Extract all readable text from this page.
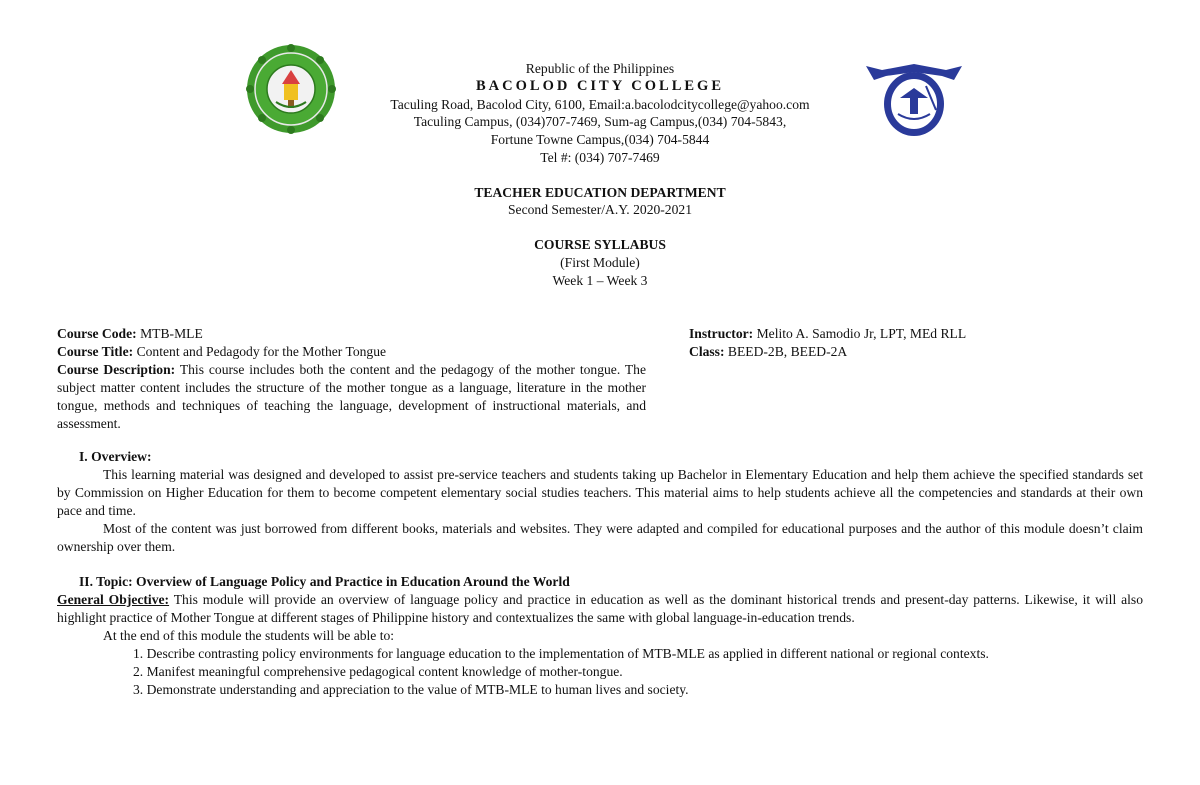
Republic of the Philippines
BACOLOD CITY COLLEGE
Taculing Road, Bacolod City, 6100, Email:a.bacolodcitycollege@yahoo.com
Taculing Campus, (034)707-7469, Sum-ag Campus,(034) 704-5843,
Fortune Towne Campus,(034) 704-5844
Tel #: (034) 707-7469
TEACHER EDUCATION DEPARTMENT
Second Semester/A.Y. 2020-2021
COURSE SYLLABUS
(First Module)
Week 1 – Week 3

Course Code: MTB-MLE

Course Title: Content and Pedagody for the Mother Tongue

Course Description: This course includes both the content and the pedagogy of the mother tongue. The subject matter content includes the structure of the mother tongue as a language, literature in the mother tongue, methods and techniques of teaching the language, development of instructional materials, and assessment.

Instructor: Melito A. Samodio Jr, LPT, MEd RLL

Class: BEED-2B, BEED-2A

I. Overview:

This learning material was designed and developed to assist pre-service teachers and students taking up Bachelor in Elementary Education and help them achieve the specified standards set by Commission on Higher Education for them to become competent elementary social studies teachers. This material aims to help students achieve all the competencies and standards at their own pace and time.

Most of the content was just borrowed from different books, materials and websites. They were adapted and compiled for educational purposes and the author of this module doesn’t claim ownership over them.

II. Topic: Overview of Language Policy and Practice in Education Around the World

General Objective: This module will provide an overview of language policy and practice in education as well as the dominant historical trends and present-day patterns. Likewise, it will also highlight practice of Mother Tongue at different stages of Philippine history and contextualizes the same with global language-in-education trends.

At the end of this module the students will be able to:

1. Describe contrasting policy environments for language education to the implementation of MTB-MLE as applied in different national or regional contexts.

2. Manifest meaningful comprehensive pedagogical content knowledge of mother-tongue.

3. Demonstrate understanding and appreciation to the value of MTB-MLE to human lives and society.
